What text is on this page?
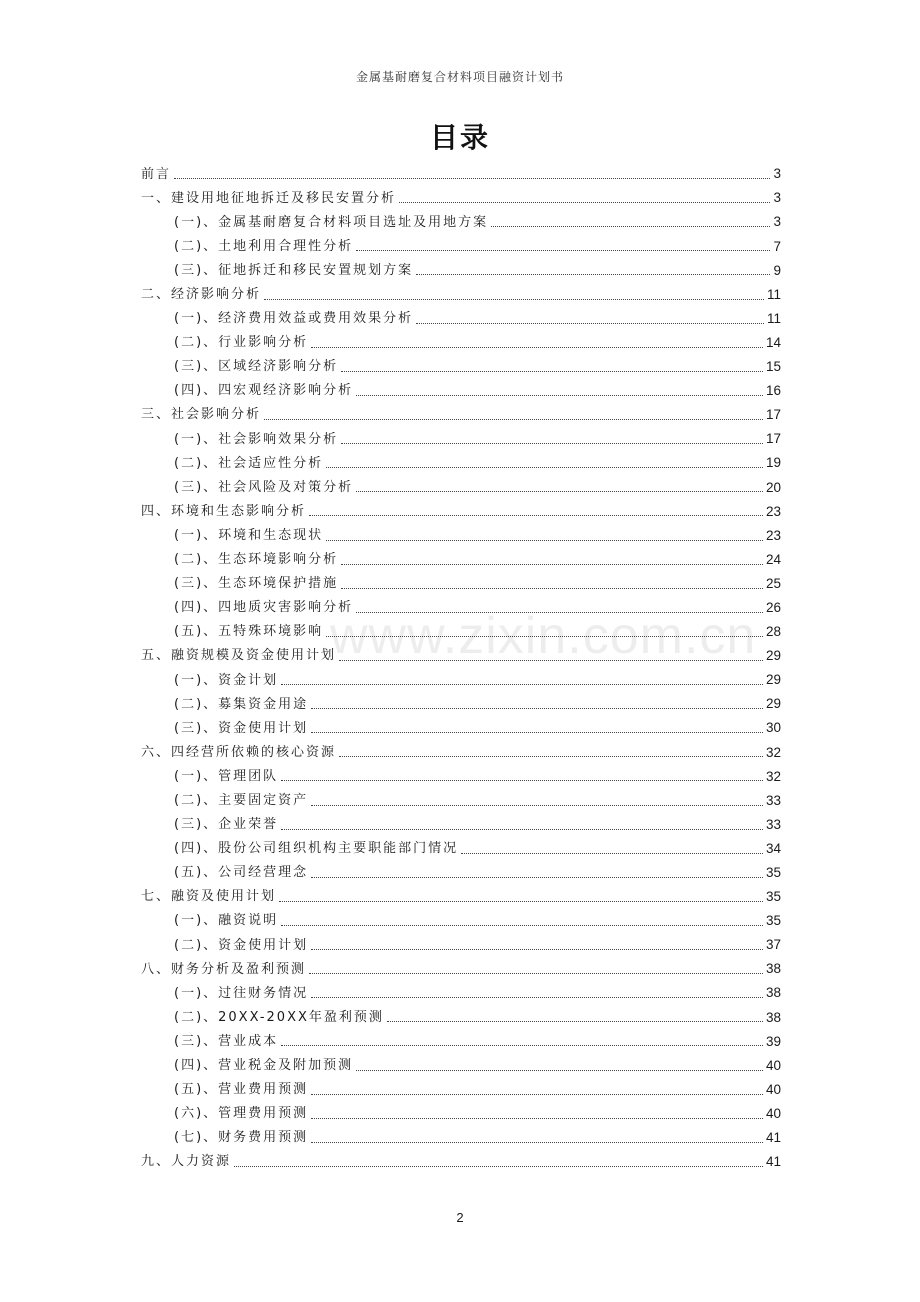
金属基耐磨复合材料项目融资计划书
目录
前言	3
一、建设用地征地拆迁及移民安置分析	3
(一)、金属基耐磨复合材料项目选址及用地方案	3
(二)、土地利用合理性分析	7
(三)、征地拆迁和移民安置规划方案	9
二、经济影响分析	11
(一)、经济费用效益或费用效果分析	11
(二)、行业影响分析	14
(三)、区域经济影响分析	15
(四)、四宏观经济影响分析	16
三、社会影响分析	17
(一)、社会影响效果分析	17
(二)、社会适应性分析	19
(三)、社会风险及对策分析	20
四、环境和生态影响分析	23
(一)、环境和生态现状	23
(二)、生态环境影响分析	24
(三)、生态环境保护措施	25
(四)、四地质灾害影响分析	26
(五)、五特殊环境影响	28
五、融资规模及资金使用计划	29
(一)、资金计划	29
(二)、募集资金用途	29
(三)、资金使用计划	30
六、四经营所依赖的核心资源	32
(一)、管理团队	32
(二)、主要固定资产	33
(三)、企业荣誉	33
(四)、股份公司组织机构主要职能部门情况	34
(五)、公司经营理念	35
七、融资及使用计划	35
(一)、融资说明	35
(二)、资金使用计划	37
八、财务分析及盈利预测	38
(一)、过往财务情况	38
(二)、20XX-20XX年盈利预测	38
(三)、营业成本	39
(四)、营业税金及附加预测	40
(五)、营业费用预测	40
(六)、管理费用预测	40
(七)、财务费用预测	41
九、人力资源	41
www.zixin.com.cn
2
